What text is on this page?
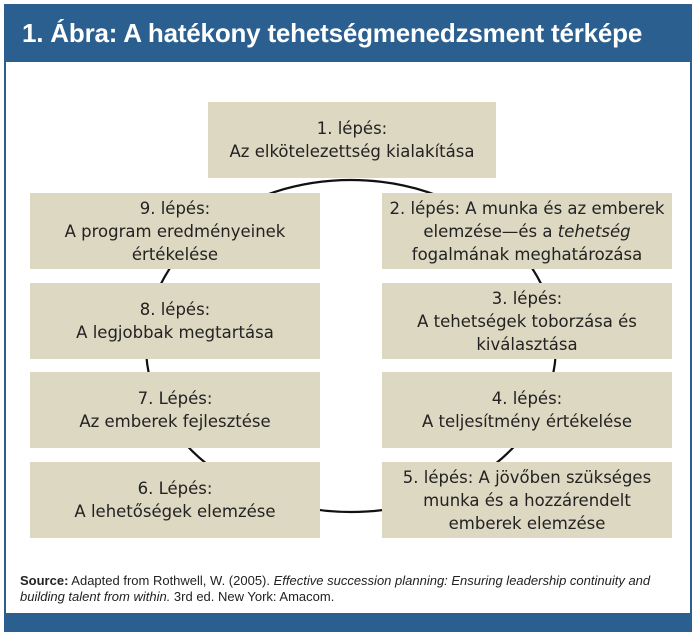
1. Ábra: A hatékony tehetségmenedzsment térképe
1. lépés:
Az elkötelezettség kialakítása
2. lépés: A munka és az emberek
elemzése—és a tehetség
fogalmának meghatározása
3. lépés:
A tehetségek toborzása és
kiválasztása
4. lépés:
A teljesítmény értékelése
5. lépés: A jövőben szükséges
munka és a hozzárendelt
emberek elemzése
6. Lépés:
A lehetőségek elemzése
7. Lépés:
Az emberek fejlesztése
8. lépés:
A legjobbak megtartása
9. lépés:
A program eredményeinek
értékelése
Source: Adapted from Rothwell, W. (2005). Effective succession planning: Ensuring leadership continuity and building talent from within. 3rd ed. New York: Amacom.
